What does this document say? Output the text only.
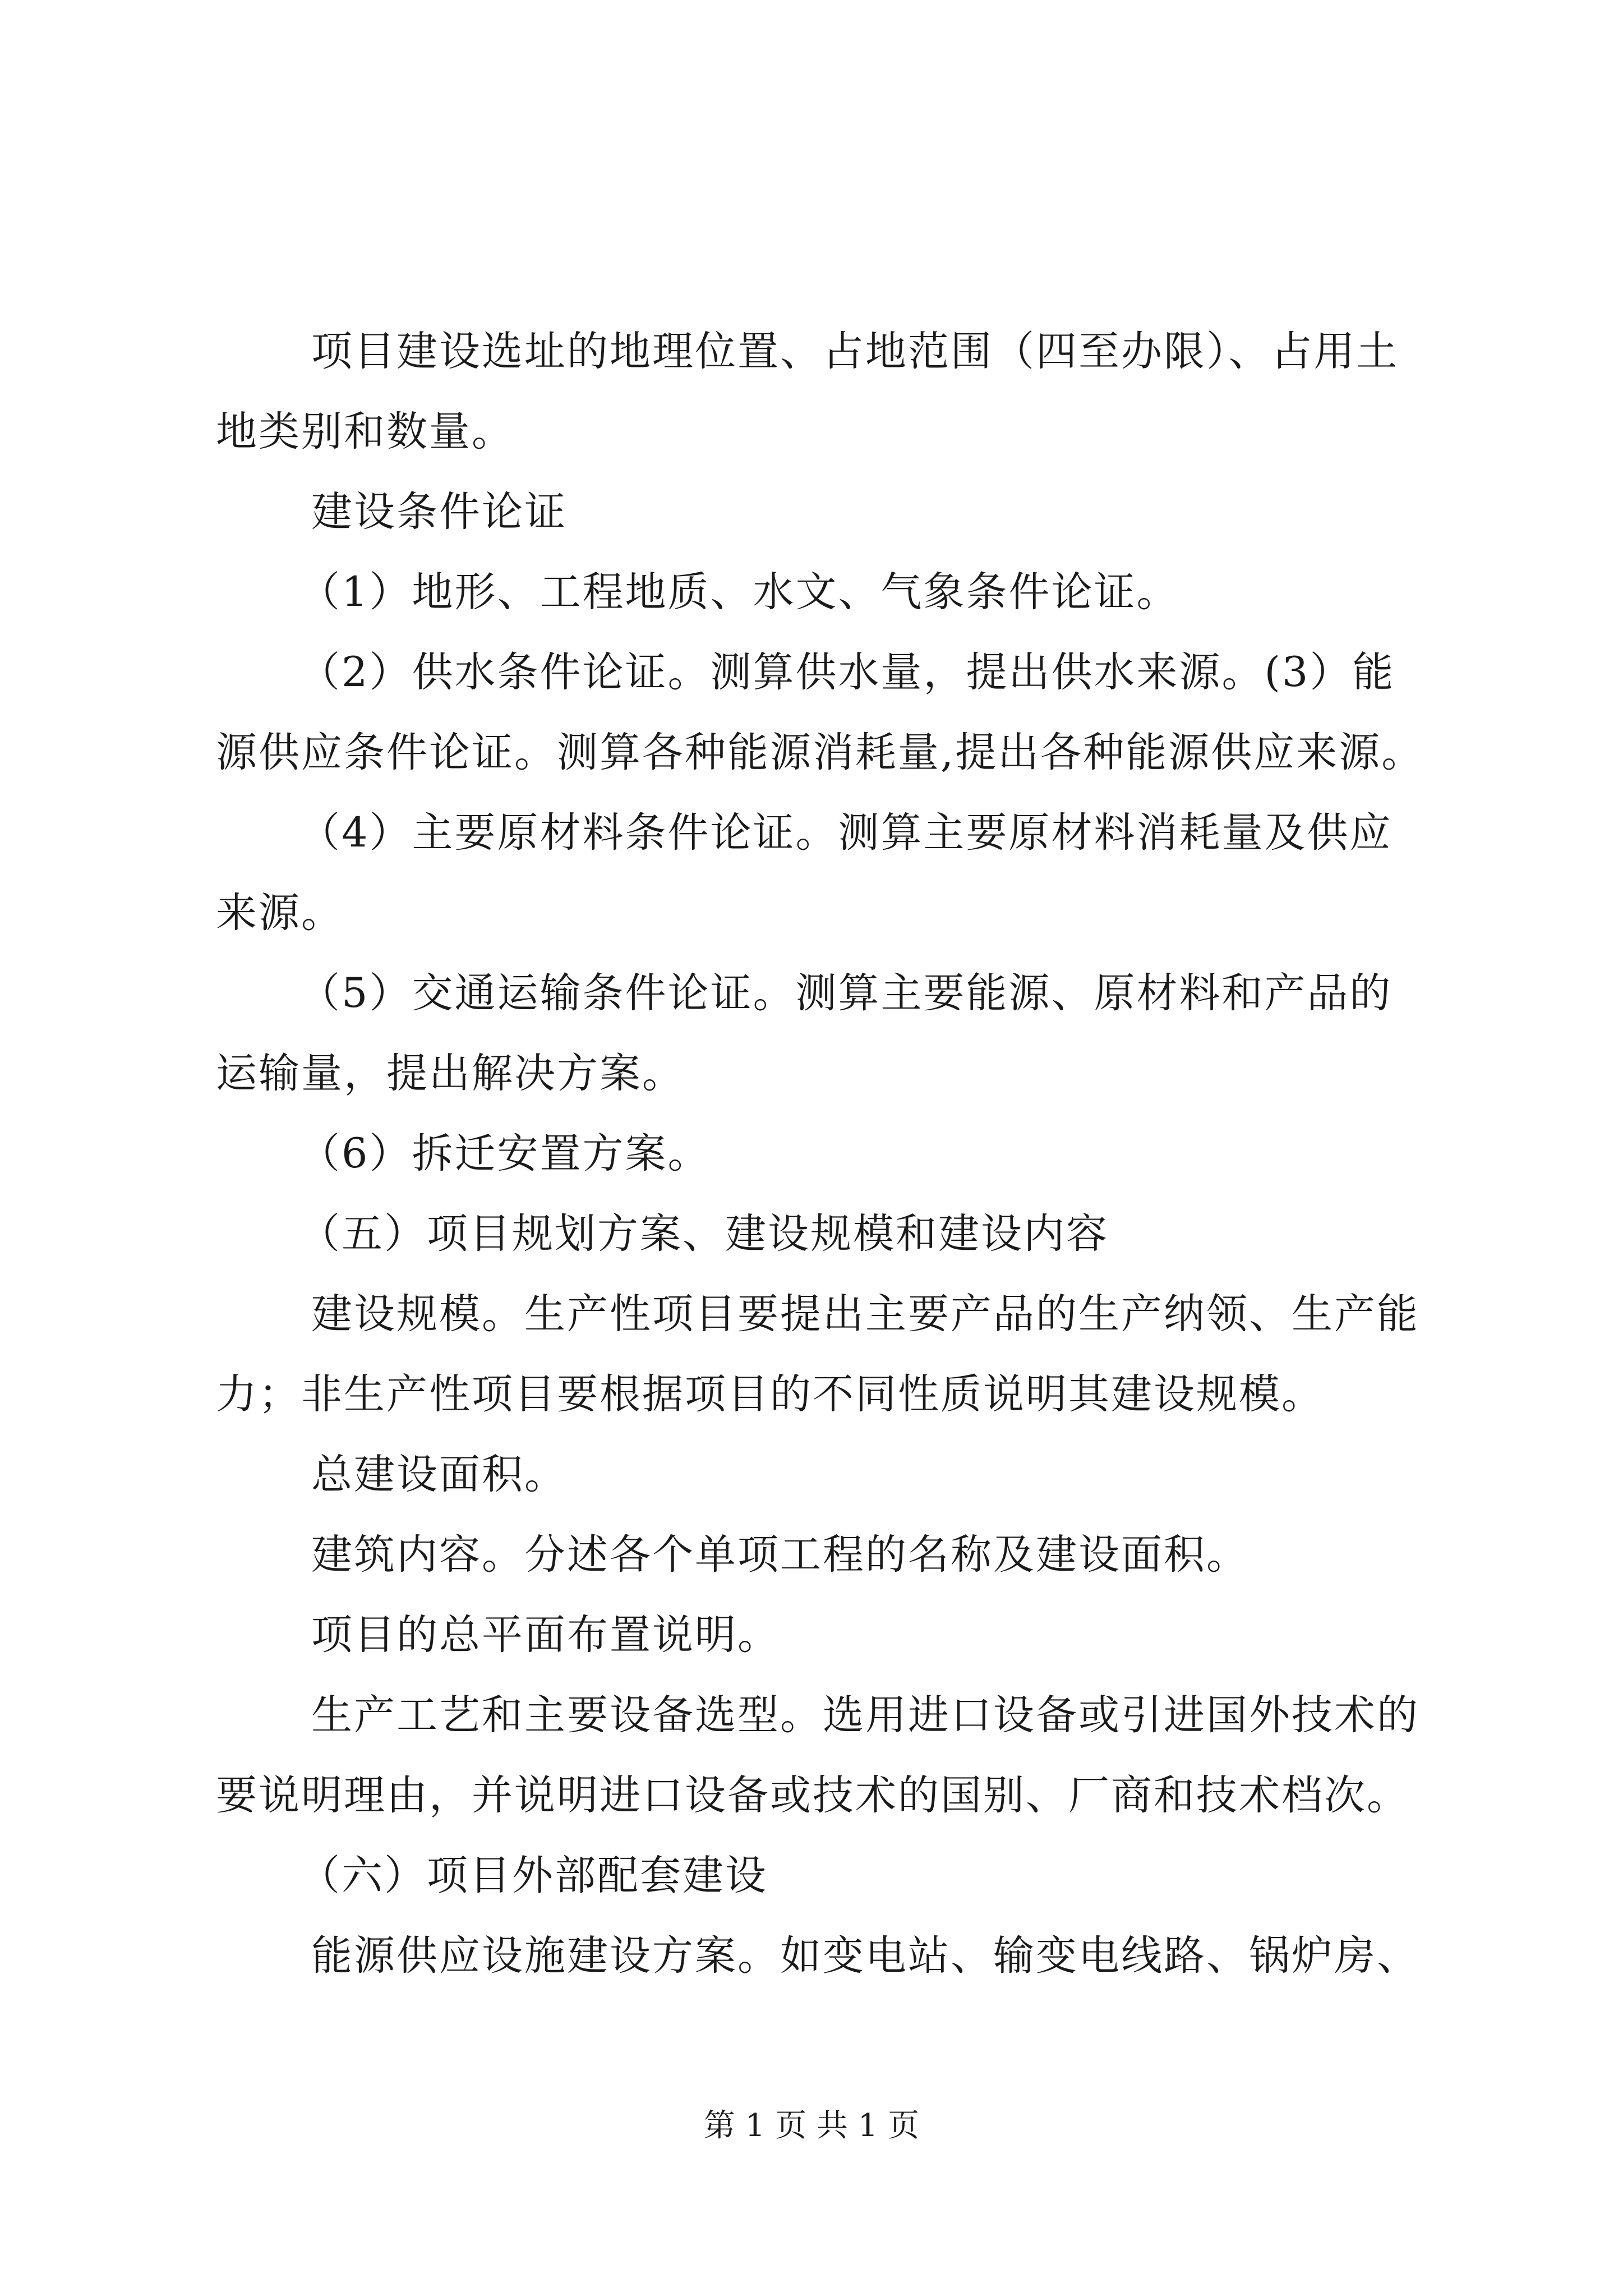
项目建设选址的地理位置、占地范围（四至办限）、占用土

地类别和数量。

建设条件论证

（1）地形、工程地质、水文、气象条件论证。

（2）供水条件论证。测算供水量，提出供水来源。(3）能

源供应条件论证。测算各种能源消耗量,提出各种能源供应来源。

（4）主要原材料条件论证。测算主要原材料消耗量及供应

来源。

（5）交通运输条件论证。测算主要能源、原材料和产品的

运输量，提出解决方案。

（6）拆迁安置方案。

（五）项目规划方案、建设规模和建设内容

建设规模。生产性项目要提出主要产品的生产纳领、生产能

力；非生产性项目要根据项目的不同性质说明其建设规模。

总建设面积。

建筑内容。分述各个单项工程的名称及建设面积。

项目的总平面布置说明。

生产工艺和主要设备选型。选用进口设备或引进国外技术的

要说明理由，并说明进口设备或技术的国别、厂商和技术档次。

（六）项目外部配套建设

能源供应设施建设方案。如变电站、输变电线路、锅炉房、

第 1 页 共 1 页
